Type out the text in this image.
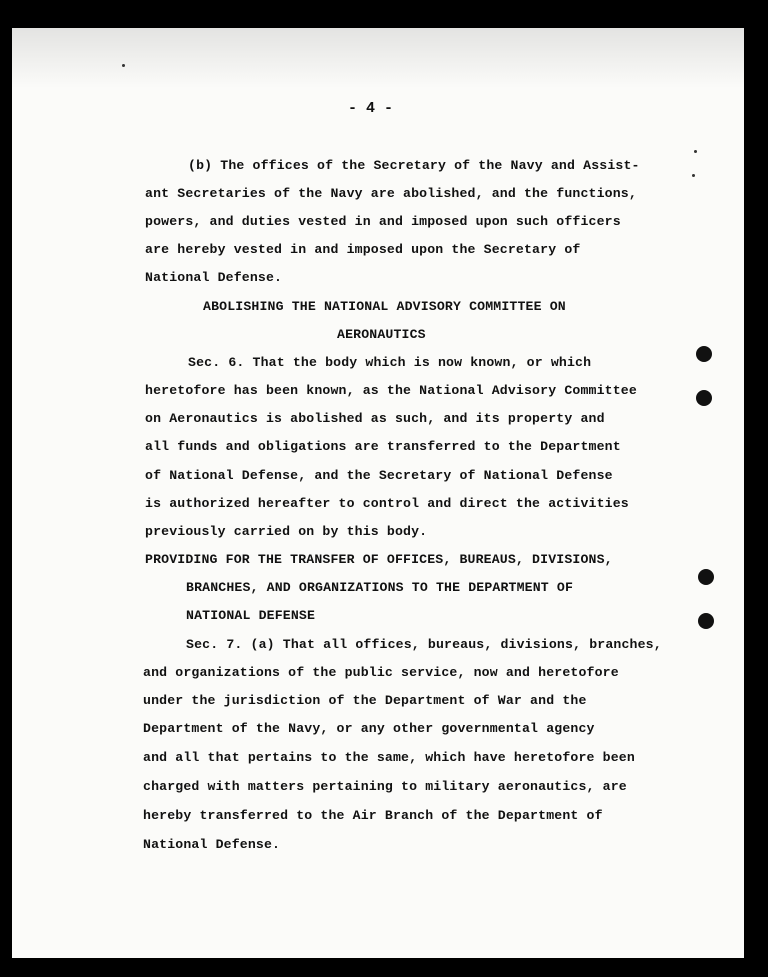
- 4 -
(b) The offices of the Secretary of the Navy and Assist-
ant Secretaries of the Navy are abolished, and the functions,
powers, and duties vested in and imposed upon such officers
are hereby vested in and imposed upon the Secretary of
National Defense.
ABOLISHING THE NATIONAL ADVISORY COMMITTEE ON
AERONAUTICS
Sec. 6. That the body which is now known, or which
heretofore has been known, as the National Advisory Committee
on Aeronautics is abolished as such, and its property and
all funds and obligations are transferred to the Department
of National Defense, and the Secretary of National Defense
is authorized hereafter to control and direct the activities
previously carried on by this body.
PROVIDING FOR THE TRANSFER OF OFFICES, BUREAUS, DIVISIONS,
BRANCHES, AND ORGANIZATIONS TO THE DEPARTMENT OF
NATIONAL DEFENSE
Sec. 7. (a) That all offices, bureaus, divisions, branches,
and organizations of the public service, now and heretofore
under the jurisdiction of the Department of War and the
Department of the Navy, or any other governmental agency
and all that pertains to the same, which have heretofore been
charged with matters pertaining to military aeronautics, are
hereby transferred to the Air Branch of the Department of
National Defense.
